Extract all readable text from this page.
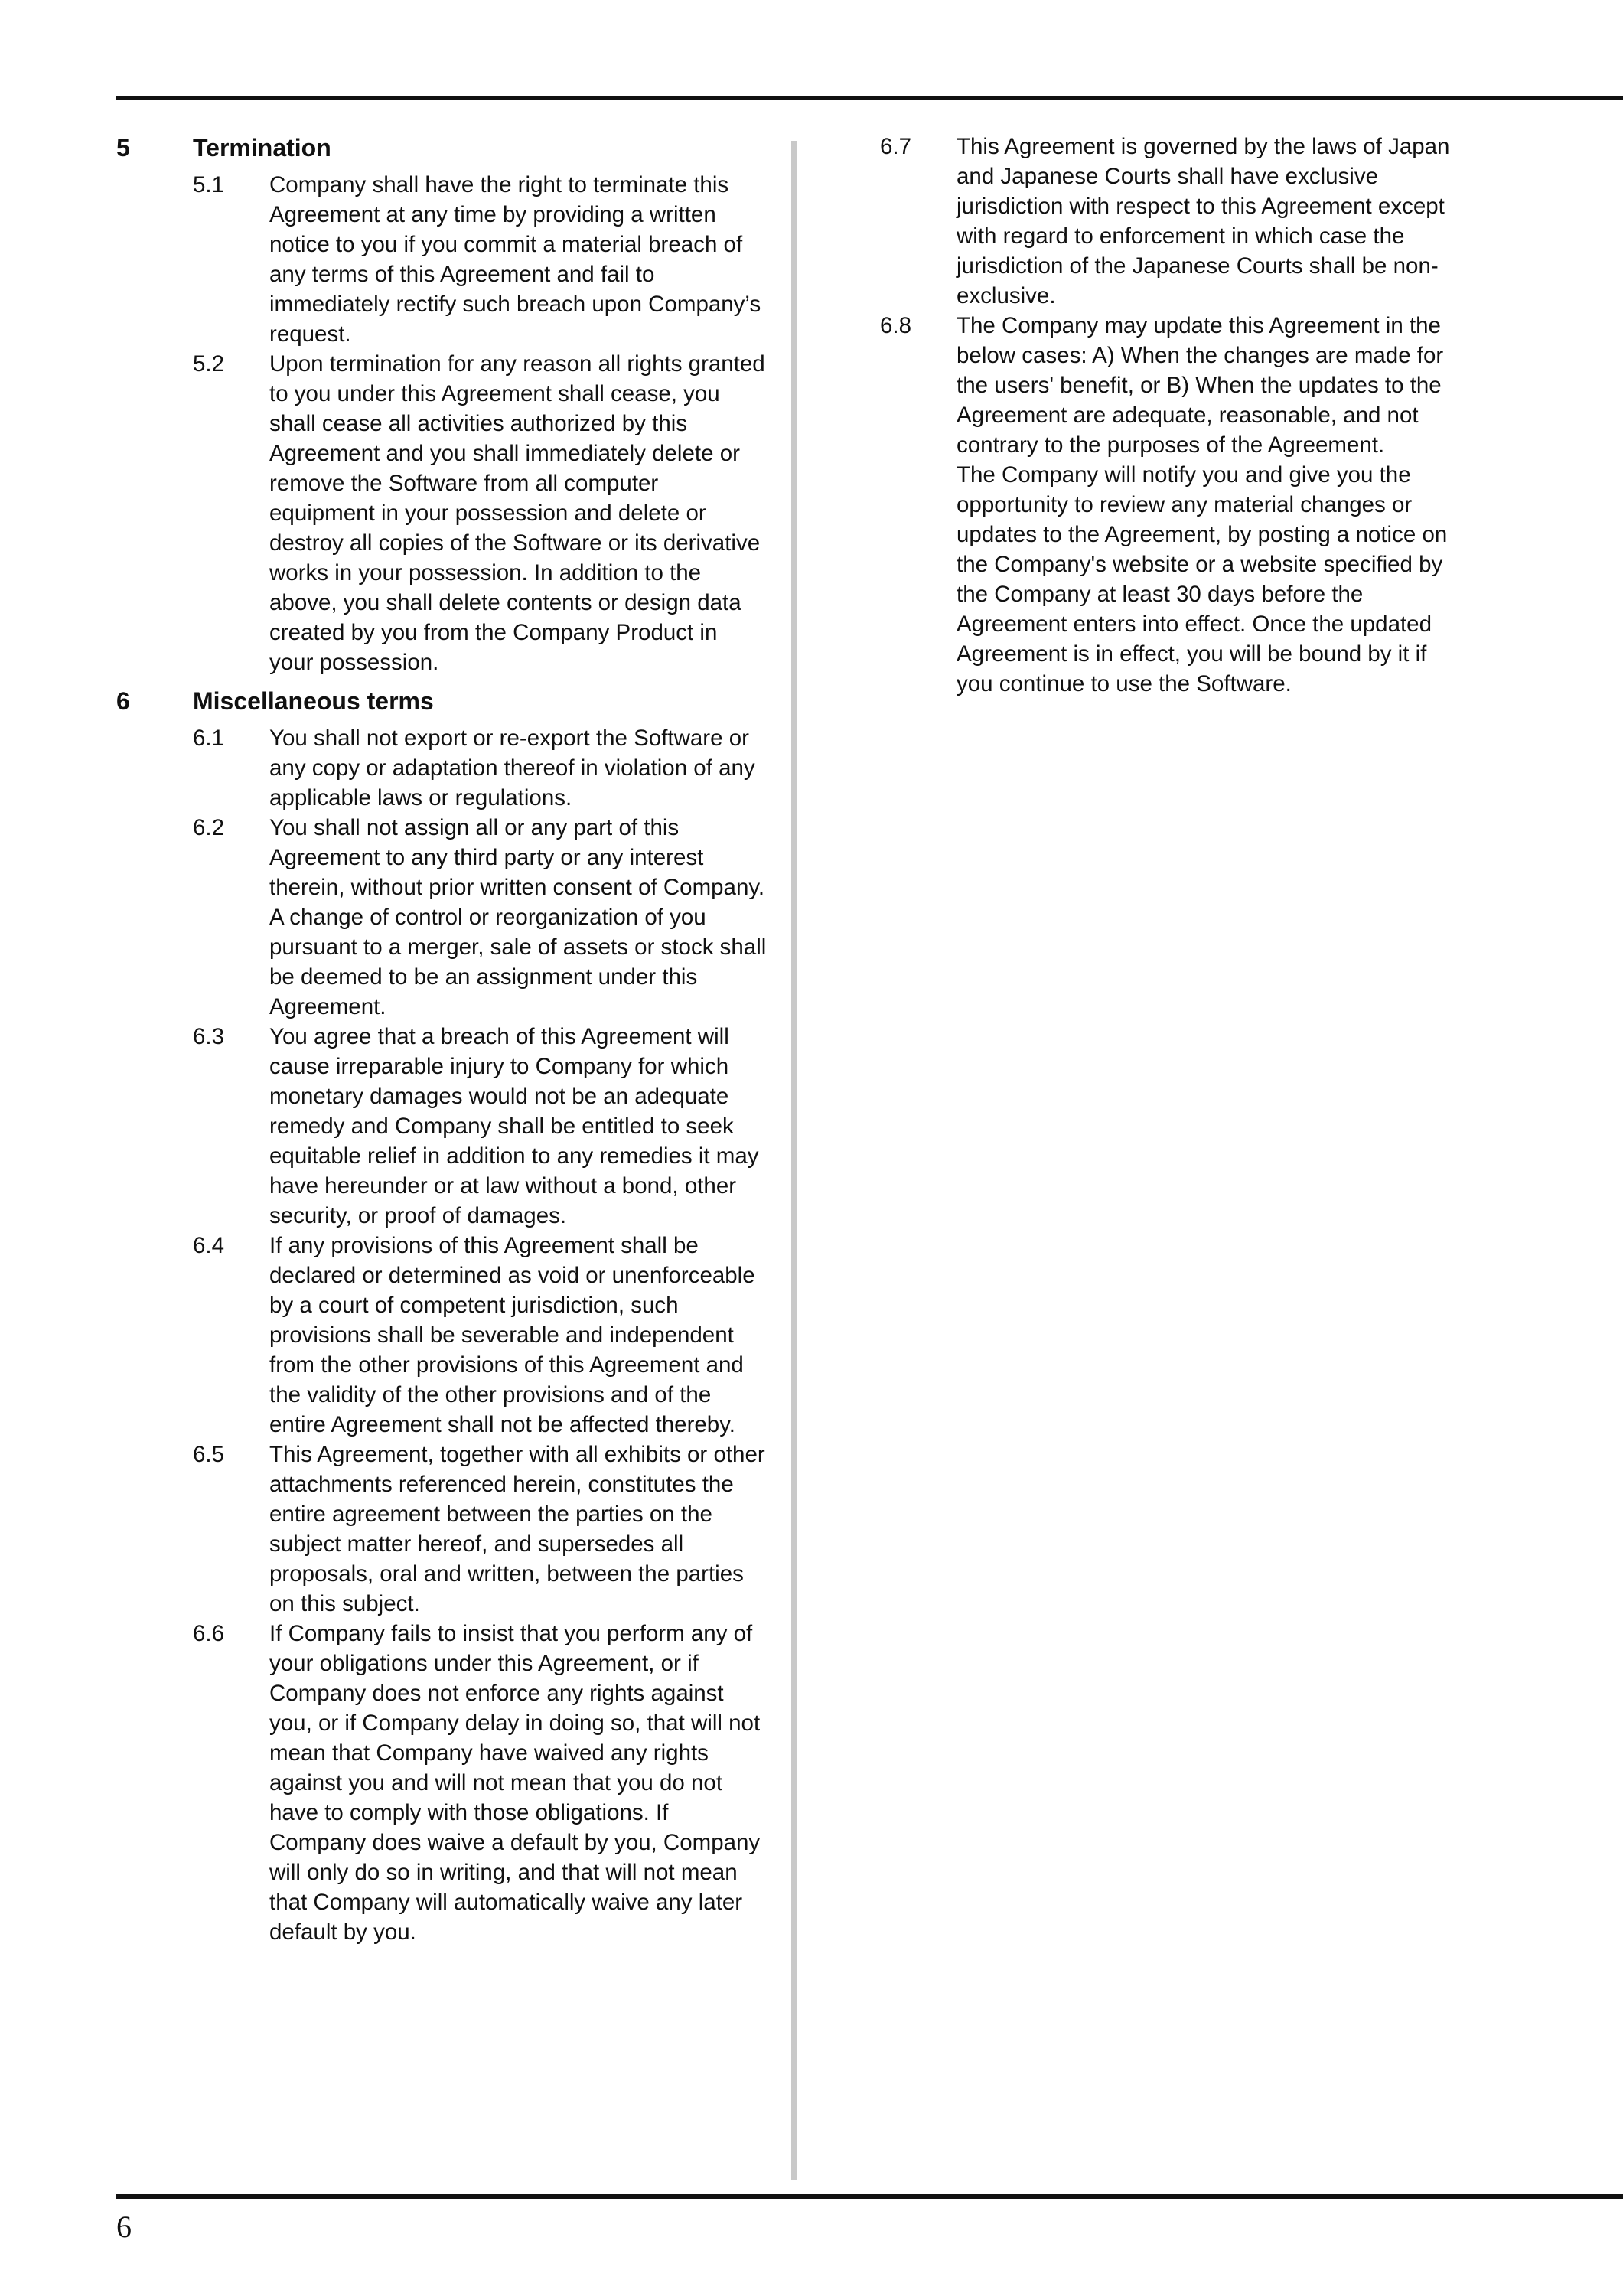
5	Termination
5.1	Company shall have the right to terminate this Agreement at any time by providing a written notice to you if you commit a material breach of any terms of this Agreement and fail to immediately rectify such breach upon Company’s request.
5.2	Upon termination for any reason all rights granted to you under this Agreement shall cease, you shall cease all activities authorized by this Agreement and you shall immediately delete or remove the Software from all computer equipment in your possession and delete or destroy all copies of the Software or its derivative works in your possession. In addition to the above, you shall delete contents or design data created by you from the Company Product in your possession.
6	Miscellaneous terms
6.1	You shall not export or re-export the Software or any copy or adaptation thereof in violation of any applicable laws or regulations.
6.2	You shall not assign all or any part of this Agreement to any third party or any interest therein, without prior written consent of Company. A change of control or reorganization of you pursuant to a merger, sale of assets or stock shall be deemed to be an assignment under this Agreement.
6.3	You agree that a breach of this Agreement will cause irreparable injury to Company for which monetary damages would not be an adequate remedy and Company shall be entitled to seek equitable relief in addition to any remedies it may have hereunder or at law without a bond, other security, or proof of damages.
6.4	If any provisions of this Agreement shall be declared or determined as void or unenforceable by a court of competent jurisdiction, such provisions shall be severable and independent from the other provisions of this Agreement and the validity of the other provisions and of the entire Agreement shall not be affected thereby.
6.5	This Agreement, together with all exhibits or other attachments referenced herein, constitutes the entire agreement between the parties on the subject matter hereof, and supersedes all proposals, oral and written, between the parties on this subject.
6.6	If Company fails to insist that you perform any of your obligations under this Agreement, or if Company does not enforce any rights against you, or if Company delay in doing so, that will not mean that Company have waived any rights against you and will not mean that you do not have to comply with those obligations. If Company does waive a default by you, Company will only do so in writing, and that will not mean that Company will automatically waive any later default by you.
6.7	This Agreement is governed by the laws of Japan and Japanese Courts shall have exclusive jurisdiction with respect to this Agreement except with regard to enforcement in which case the jurisdiction of the Japanese Courts shall be non-exclusive.
6.8	The Company may update this Agreement in the below cases: A) When the changes are made for the users' benefit, or B) When the updates to the Agreement are adequate, reasonable, and not contrary to the purposes of the Agreement.

The Company will notify you and give you the opportunity to review any material changes or updates to the Agreement, by posting a notice on the Company's website or a website specified by the Company at least 30 days before the Agreement enters into effect. Once the updated Agreement is in effect, you will be bound by it if you continue to use the Software.

6
